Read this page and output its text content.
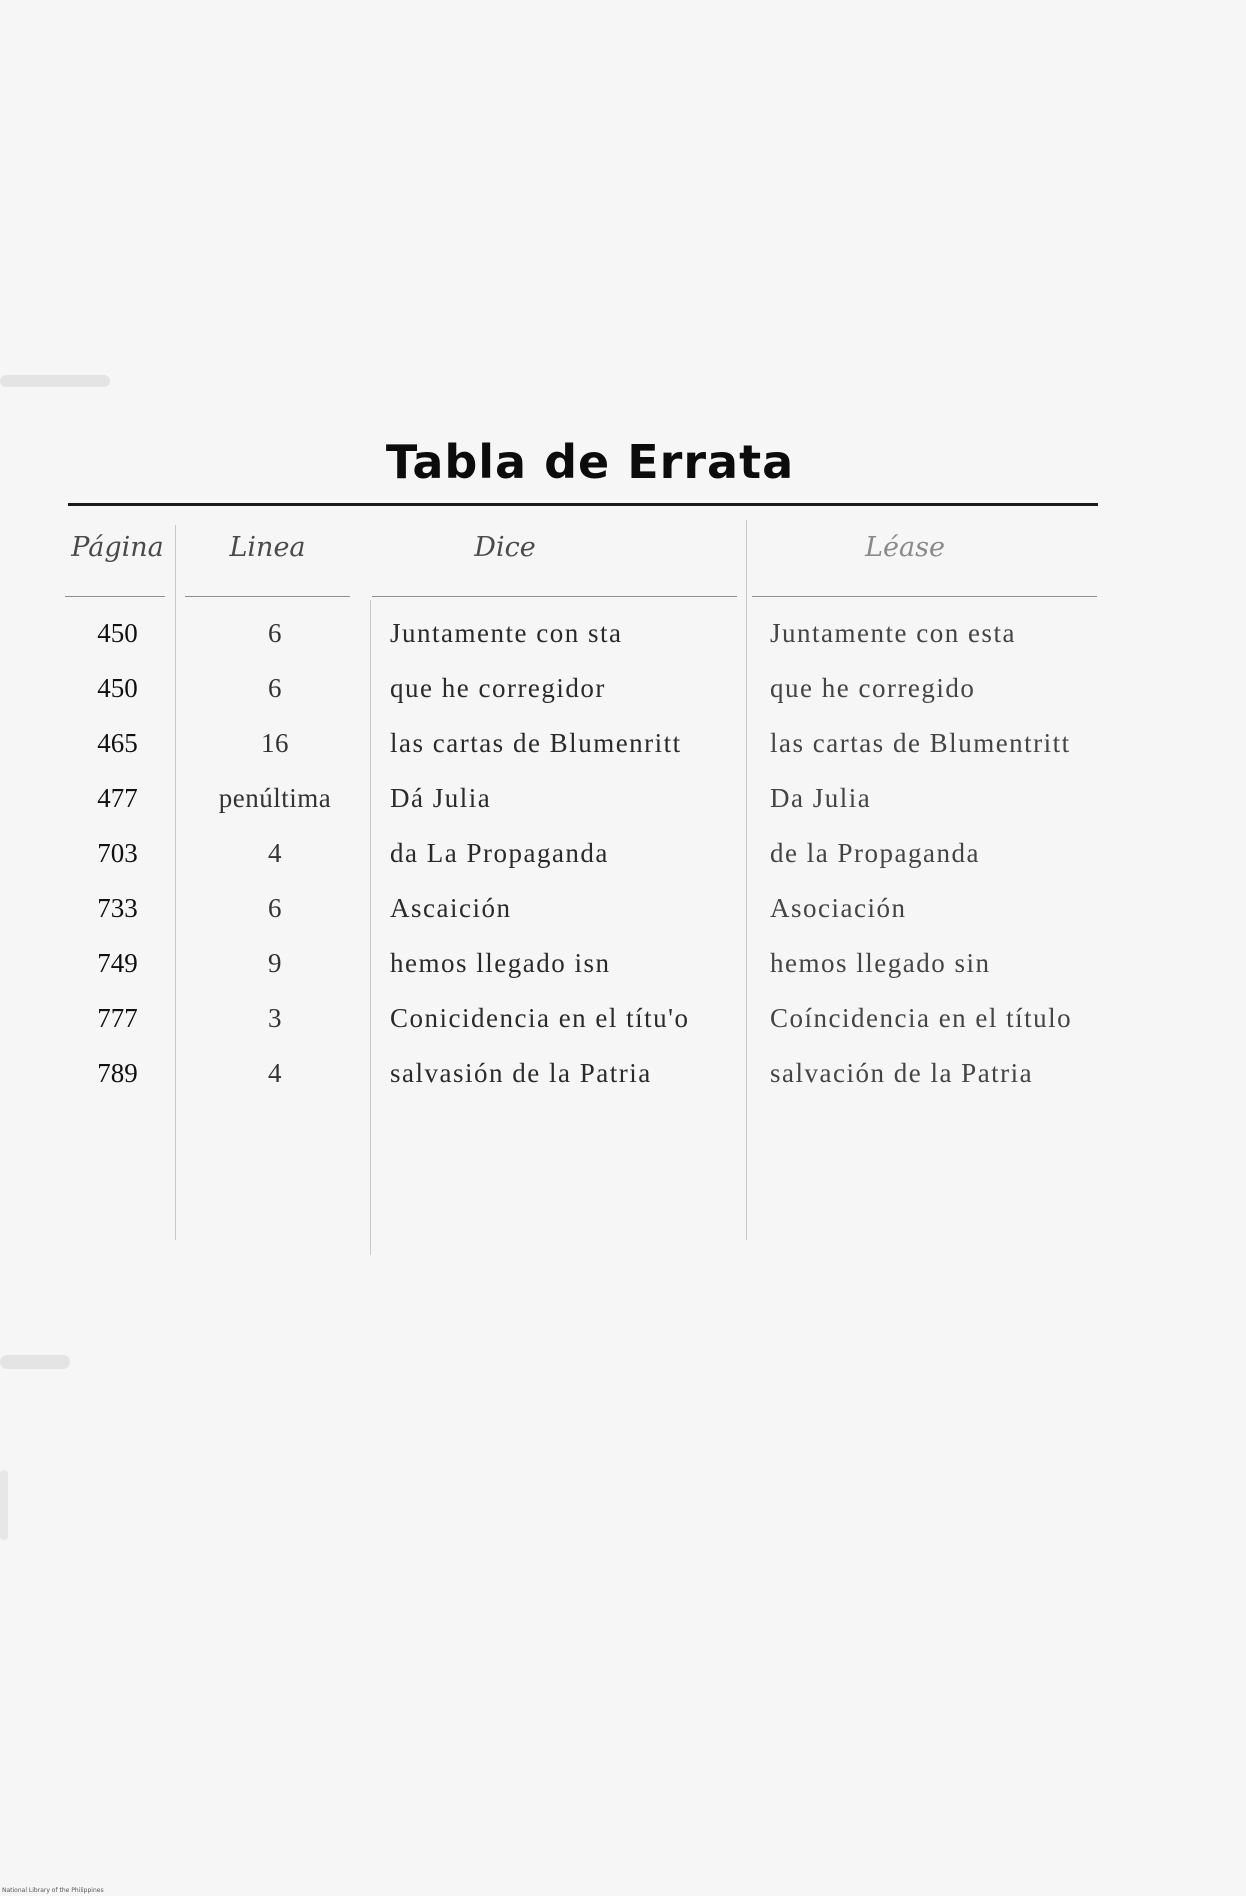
Tabla de Errata
Página	Linea	Dice	Léase
450	6	Juntamente con sta	Juntamente con esta
450	6	que he corregidor	que he corregido
465	16	las cartas de Blumenritt	las cartas de Blumentritt
477	penúltima	Dá Julia	Da Julia
703	4	da La Propaganda	de la Propaganda
733	6	Ascaición	Asociación
749	9	hemos llegado isn	hemos llegado sin
777	3	Conicidencia en el títu'o	Coíncidencia en el título
789	4	salvasión de la Patria	salvación de la Patria
National Library of the Philippines
